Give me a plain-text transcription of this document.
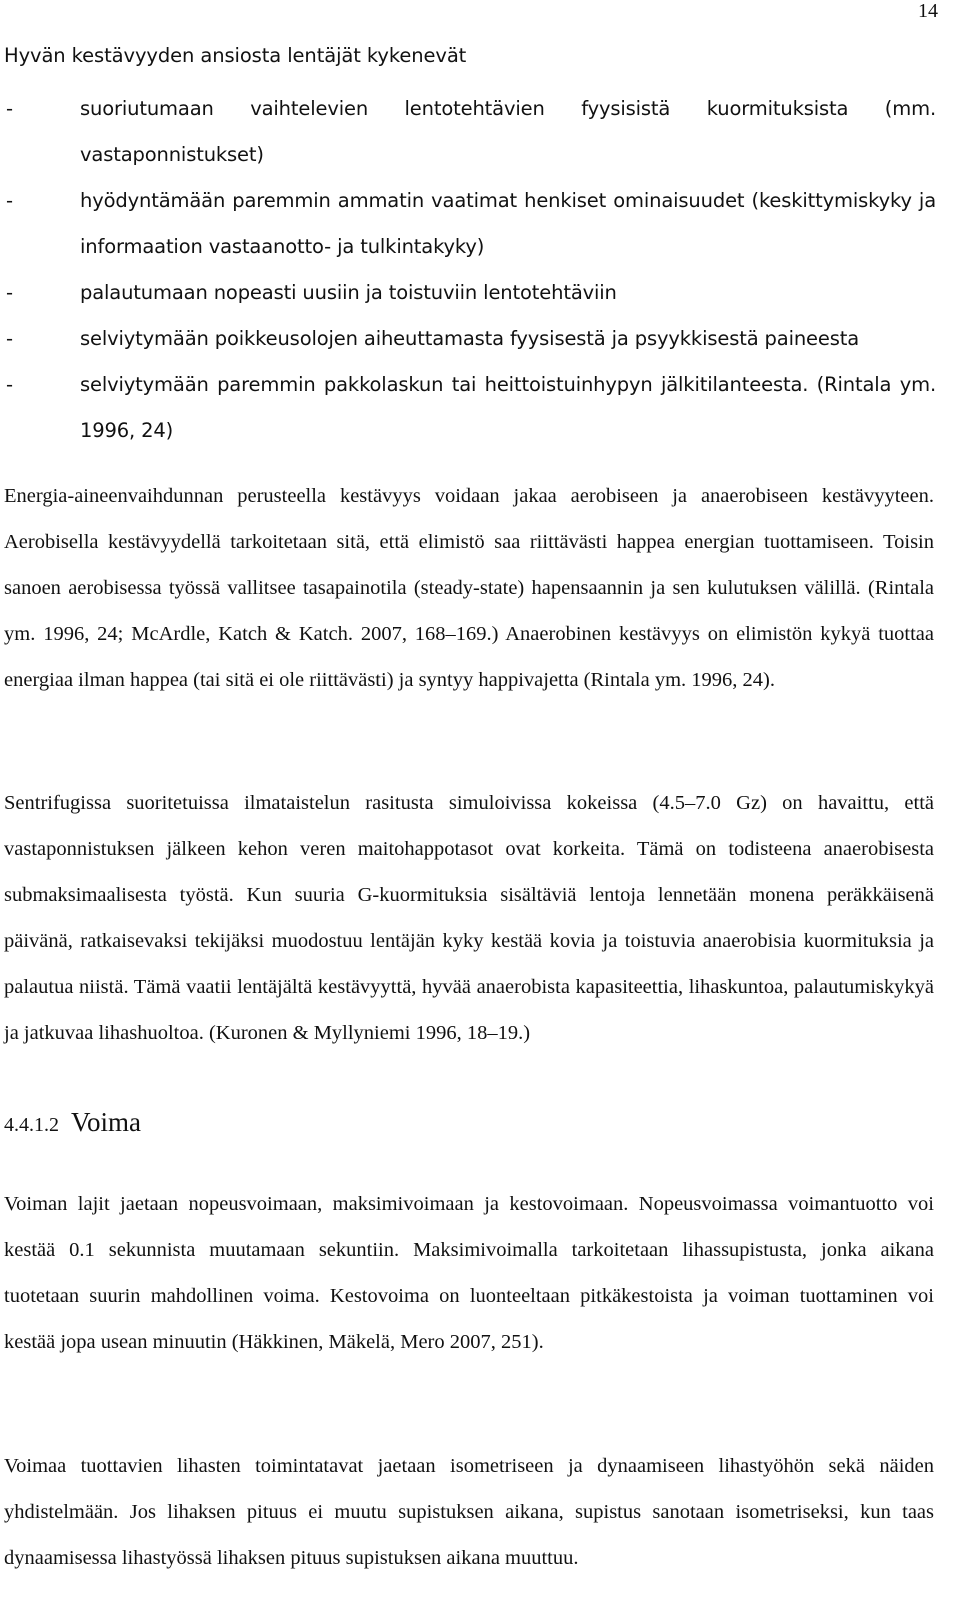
14
Hyvän kestävyyden ansiosta lentäjät kykenevät
-	suoriutumaan vaihtelevien lentotehtävien fyysisistä kuormituksista (mm. vastaponnistukset)
-	hyödyntämään paremmin ammatin vaatimat henkiset ominaisuudet (keskittymiskyky ja informaation vastaanotto- ja tulkintakyky)
-	palautumaan nopeasti uusiin ja toistuviin lentotehtäviin
-	selviytymään poikkeusolojen aiheuttamasta fyysisestä ja psyykkisestä paineesta
-	selviytymään paremmin pakkolaskun tai heittoistuinhypyn jälkitilanteesta. (Rintala ym. 1996, 24)

Energia-aineenvaihdunnan perusteella kestävyys voidaan jakaa aerobiseen ja anaerobiseen kestävyyteen. Aerobisella kestävyydellä tarkoitetaan sitä, että elimistö saa riittävästi happea energian tuottamiseen. Toisin sanoen aerobisessa työssä vallitsee tasapainotila (steady-state) hapensaannin ja sen kulutuksen välillä. (Rintala ym. 1996, 24; McArdle, Katch & Katch. 2007, 168–169.) Anaerobinen kestävyys on elimistön kykyä tuottaa energiaa ilman happea (tai sitä ei ole riittävästi) ja syntyy happivajetta (Rintala ym. 1996, 24).

Sentrifugissa suoritetuissa ilmataistelun rasitusta simuloivissa kokeissa (4.5–7.0 Gz) on havaittu, että vastaponnistuksen jälkeen kehon veren maitohappotasot ovat korkeita. Tämä on todisteena anaerobisesta submaksimaalisesta työstä. Kun suuria G-kuormituksia sisältäviä lentoja lennetään monena peräkkäisenä päivänä, ratkaisevaksi tekijäksi muodostuu lentäjän kyky kestää kovia ja toistuvia anaerobisia kuormituksia ja palautua niistä. Tämä vaatii lentäjältä kestävyyttä, hyvää anaerobista kapasiteettia, lihaskuntoa, palautumiskykyä ja jatkuvaa lihashuoltoa. (Kuronen & Myllyniemi 1996, 18–19.)

4.4.1.2 Voima

Voiman lajit jaetaan nopeusvoimaan, maksimivoimaan ja kestovoimaan. Nopeusvoimassa voimantuotto voi kestää 0.1 sekunnista muutamaan sekuntiin. Maksimivoimalla tarkoitetaan lihassupistusta, jonka aikana tuotetaan suurin mahdollinen voima. Kestovoima on luonteeltaan pitkäkestoista ja voiman tuottaminen voi kestää jopa usean minuutin (Häkkinen, Mäkelä, Mero 2007, 251).

Voimaa tuottavien lihasten toimintatavat jaetaan isometriseen ja dynaamiseen lihastyöhön sekä näiden yhdistelmään. Jos lihaksen pituus ei muutu supistuksen aikana, supistus sanotaan isometriseksi, kun taas dynaamisessa lihastyössä lihaksen pituus supistuksen aikana muuttuu.
